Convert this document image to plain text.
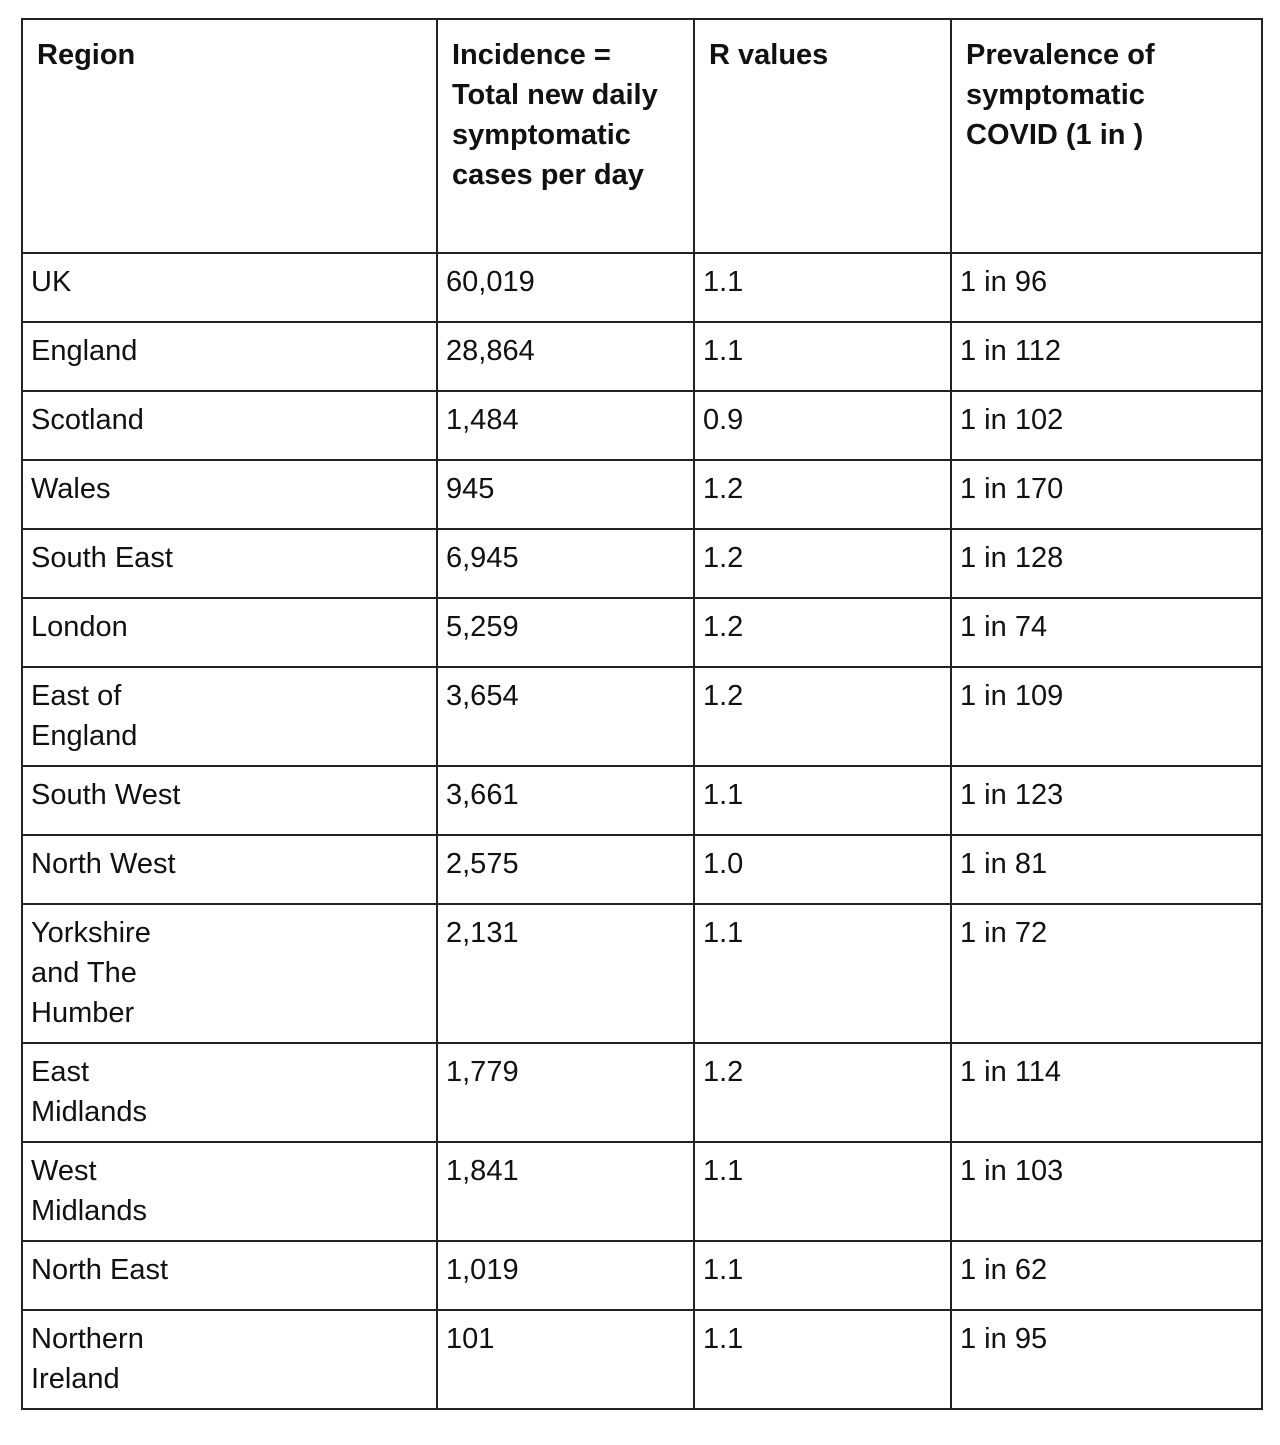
Region	Incidence = Total new daily symptomatic cases per day	R values	Prevalence of symptomatic COVID (1 in )
UK	60,019	1.1	1 in 96
England	28,864	1.1	1 in 112
Scotland	1,484	0.9	1 in 102
Wales	945	1.2	1 in 170
South East	6,945	1.2	1 in 128
London	5,259	1.2	1 in 74
East of England	3,654	1.2	1 in 109
South West	3,661	1.1	1 in 123
North West	2,575	1.0	1 in 81
Yorkshire and The Humber	2,131	1.1	1 in 72
East Midlands	1,779	1.2	1 in 114
West Midlands	1,841	1.1	1 in 103
North East	1,019	1.1	1 in 62
Northern Ireland	101	1.1	1 in 95
